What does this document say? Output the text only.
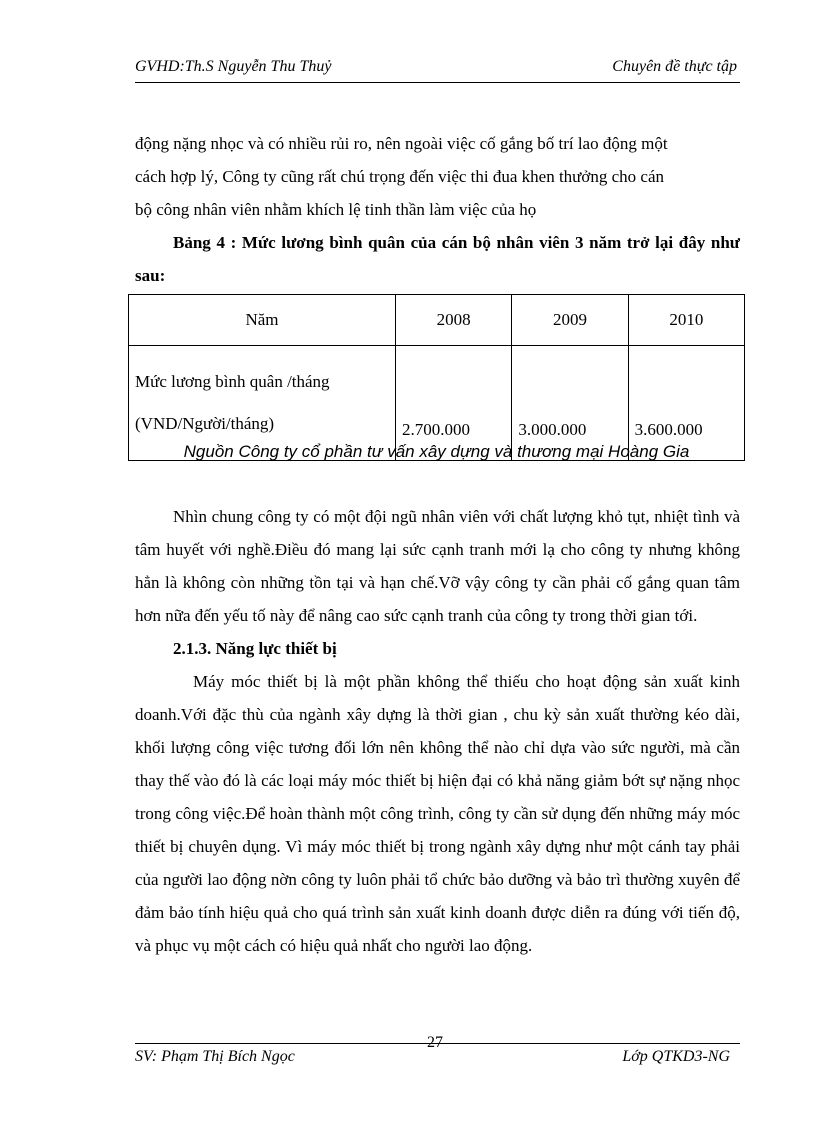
GVHD:Th.S Nguyễn Thu Thuỷ	Chuyên đề thực tập

động nặng nhọc và có nhiều rủi ro, nên ngoài việc cố gắng bố trí lao động một

cách hợp lý, Công ty cũng rất chú trọng đến việc thi đua khen thưởng cho cán

bộ công nhân viên nhằm khích lệ tinh thần làm việc của họ

Bảng 4 : Mức lương bình quân của cán bộ nhân viên 3 năm trở lại đây như sau:

Năm	2008	2009	2010

Mức lương bình quân /tháng
(VND/Người/tháng)	2.700.000	3.000.000	3.600.000
Nguồn Công ty cổ phần tư vấn xây dựng và thương mại Hoàng Gia

Nhìn chung công ty có một đội ngũ nhân viên với chất lượng khỏ tụt, nhiệt tình và tâm huyết với nghề.Điều đó mang lại sức cạnh tranh mới lạ cho công ty nhưng không hẳn là không còn những tồn tại và hạn chế.Vỡ vậy công ty cần phải cố gắng quan tâm hơn nữa đến yếu tố này để nâng cao sức cạnh tranh của công ty trong thời gian tới.

2.1.3. Năng lực thiết bị

Máy móc thiết bị là một phần không thể thiếu cho hoạt động sản xuất kinh doanh.Với đặc thù của ngành xây dựng là thời gian , chu kỳ sản xuất thường kéo dài, khối lượng công việc tương đối lớn nên không thể nào chỉ dựa vào sức người, mà cần thay thế vào đó là các loại máy móc thiết bị hiện đại có khả năng giảm bớt sự nặng nhọc trong công việc.Để hoàn thành một công trình, công ty cần sử dụng đến những máy móc thiết bị chuyên dụng. Vì máy móc thiết bị trong ngành xây dựng như một cánh tay phải của người lao động nờn công ty luôn phải tổ chức bảo dưỡng và bảo trì thường xuyên để đảm bảo tính hiệu quả cho quá trình sản xuất kinh doanh được diễn ra đúng với tiến độ, và phục vụ một cách có hiệu quả nhất cho người lao động.

SV: Phạm Thị Bích Ngọc
27
Lớp QTKD3-NG
